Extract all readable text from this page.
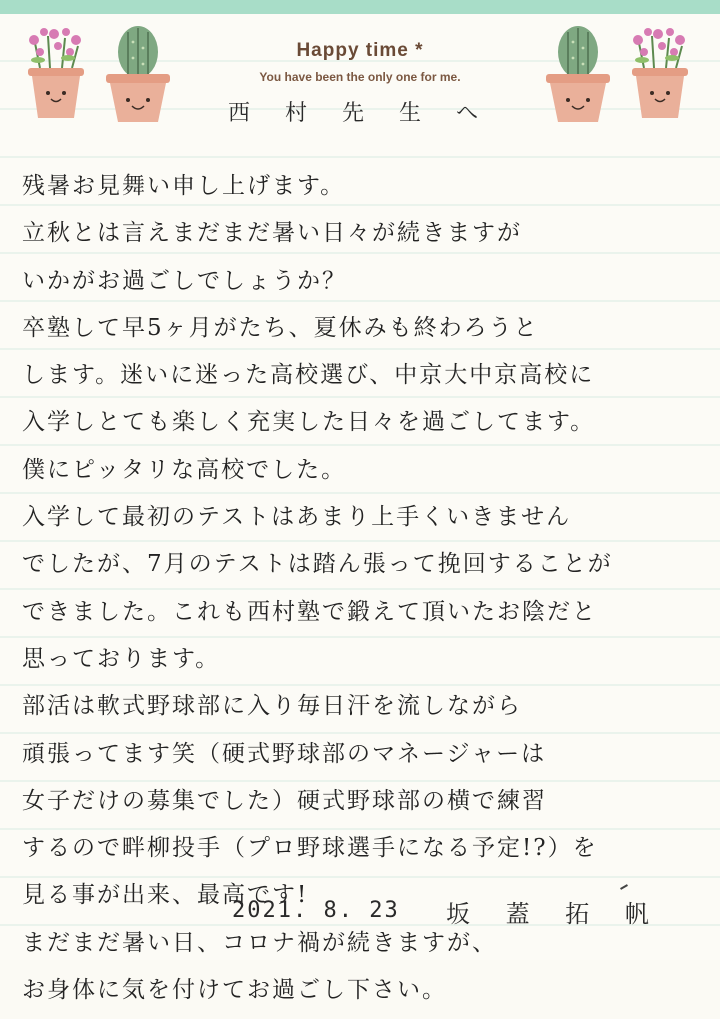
Happy time *
You have been the only one for me.
西 村 先 生 へ
残暑お見舞い申し上げます。
立秋とは言えまだまだ暑い日々が続きますが
いかがお過ごしでしょうか？
卒塾して早5ヶ月がたち、夏休みも終わろうと
します。迷いに迷った高校選び、中京大中京高校に
入学しとても楽しく充実した日々を過ごしてます。
僕にピッタリな高校でした。
入学して最初のテストはあまり上手くいきません
でしたが、7月のテストは踏ん張って挽回することが
できました。これも西村塾で鍛えて頂いたお陰だと
思っております。
部活は軟式野球部に入り毎日汗を流しながら
頑張ってます笑（硬式野球部のマネージャーは
女子だけの募集でした）硬式野球部の横で練習
するので畔柳投手（プロ野球選手になる予定!?）を
見る事が出来、最高です!
まだまだ暑い日、コロナ禍が続きますが、
お身体に気を付けてお過ごし下さい。
2021. 8. 23 坂 蓋 拓 帆
